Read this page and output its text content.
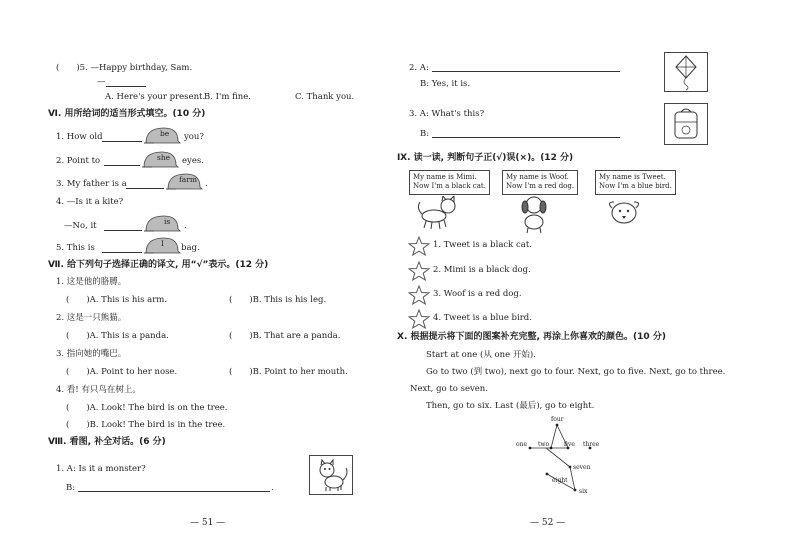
(　　)5. —Happy birthday, Sam.
—
A. Here's your present.
B. I'm fine.	C. Thank you.
Ⅵ. 用所给词的适当形式填空。(10 分)
1. How old	be you?
2. Point to	she eyes.
3. My father is a	farm .
4. —Is it a kite?
—No, it	is .
5. This is	I bag.
Ⅶ. 给下列句子选择正确的译文, 用“√”表示。(12 分)
1. 这是他的胳膊。
(　　)A. This is his arm.	(　　)B. This is his leg.
2. 这是一只熊猫。
(　　)A. This is a panda.	(　　)B. That are a panda.
3. 指向她的嘴巴。
(　　)A. Point to her nose.	(　　)B. Point to her mouth.
4. 看! 有只鸟在树上。
(　　)A. Look! The bird is on the tree.
(　　)B. Look! The bird is in the tree.
Ⅷ. 看图, 补全对话。(6 分)
1. A: Is it a monster?
B:	.
— 51 —
2. A:
B: Yes, it is.
3. A: What's this?
B:
Ⅸ. 读一读, 判断句子正(√)误(×)。(12 分)
My name is Mimi.
Now I'm a black cat.
My name is Woof.
Now I'm a red dog.
My name is Tweet.
Now I'm a blue bird.
1. Tweet is a black cat.
2. Mimi is a black dog.
3. Woof is a red dog.
4. Tweet is a blue bird.
Ⅹ. 根据提示将下面的图案补充完整, 再涂上你喜欢的颜色。(10 分)
Start at one (从 one 开始).
Go to two (到 two), next go to four. Next, go to five. Next, go to three.
Next, go to seven.
Then, go to six. Last (最后), go to eight.
one two	three
four
five
six
seven
eight
— 52 —
